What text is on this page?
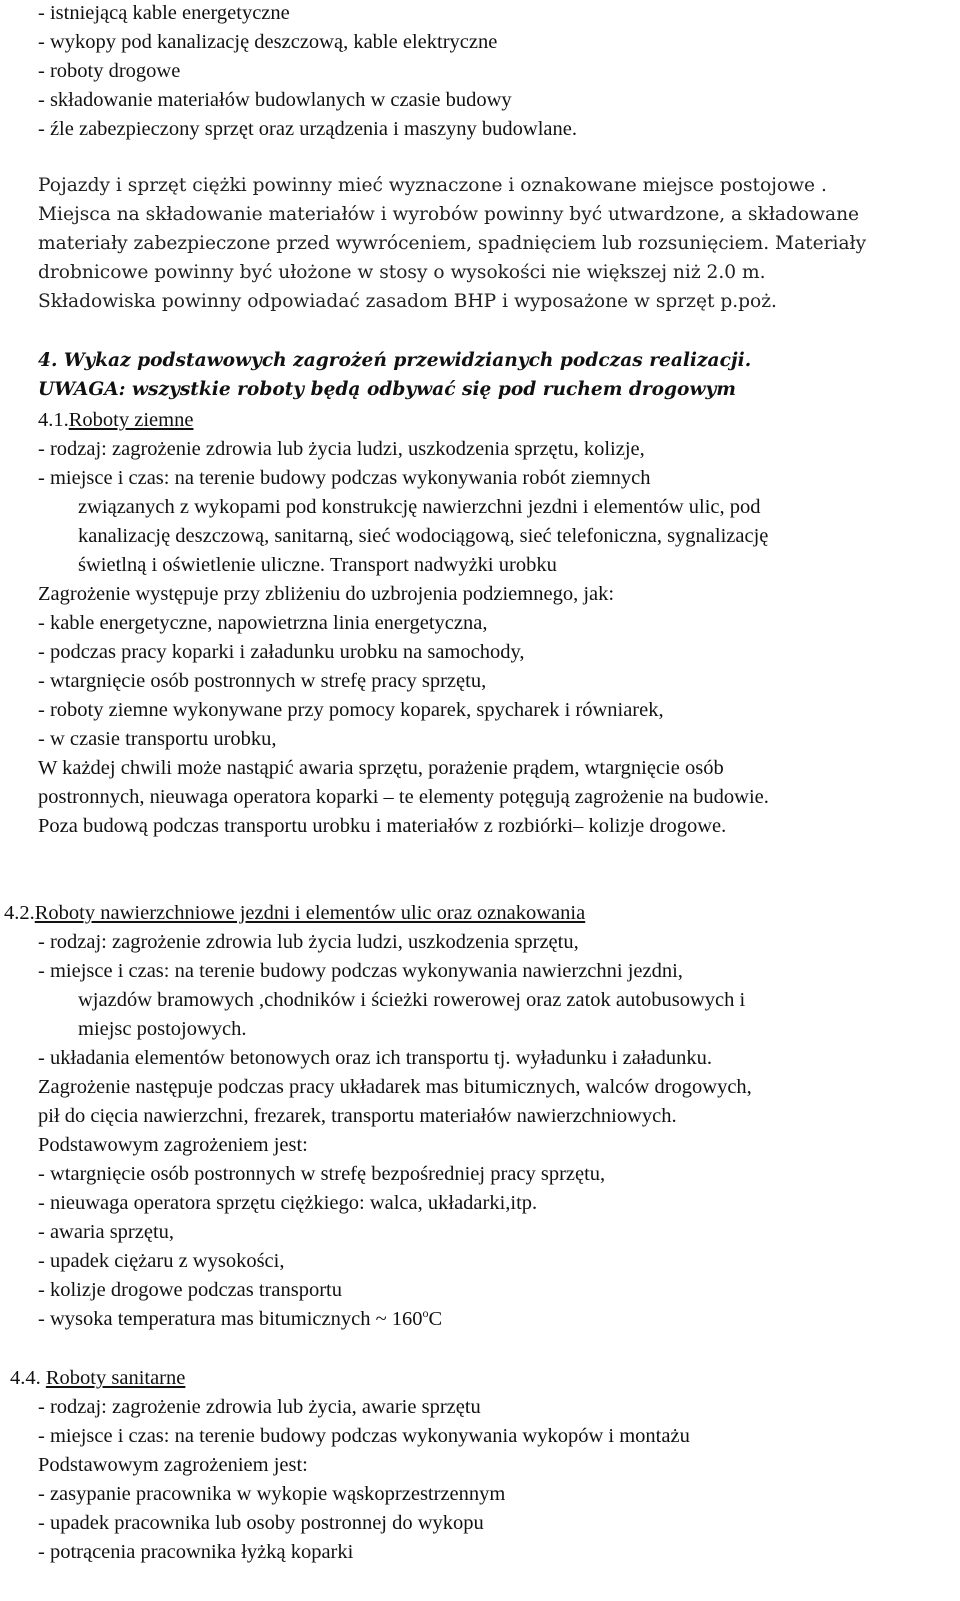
- istniejącą kable energetyczne
- wykopy pod kanalizację deszczową, kable elektryczne
- roboty drogowe
- składowanie materiałów budowlanych w czasie budowy
- źle zabezpieczony sprzęt oraz urządzenia i maszyny budowlane.
Pojazdy i sprzęt ciężki powinny mieć wyznaczone i oznakowane miejsce postojowe .
Miejsca na składowanie materiałów i wyrobów powinny być utwardzone, a składowane
materiały zabezpieczone przed wywróceniem, spadnięciem lub rozsunięciem. Materiały
drobnicowe powinny być ułożone w stosy o wysokości nie większej niż 2.0 m.
Składowiska powinny odpowiadać zasadom BHP i wyposażone w sprzęt p.poż.
4. Wykaz podstawowych zagrożeń przewidzianych podczas realizacji.
UWAGA: wszystkie roboty będą odbywać się pod ruchem drogowym
4.1.Roboty ziemne
- rodzaj: zagrożenie zdrowia lub życia ludzi, uszkodzenia sprzętu, kolizje,
- miejsce i czas: na terenie budowy podczas wykonywania robót ziemnych
związanych z wykopami pod konstrukcję nawierzchni jezdni i elementów ulic, pod
kanalizację deszczową, sanitarną, sieć wodociągową, sieć telefoniczna, sygnalizację
świetlną i oświetlenie uliczne. Transport nadwyżki urobku
Zagrożenie występuje przy zbliżeniu do uzbrojenia podziemnego, jak:
- kable energetyczne, napowietrzna linia energetyczna,
- podczas pracy koparki i załadunku urobku na samochody,
- wtargnięcie osób postronnych w strefę pracy sprzętu,
- roboty ziemne wykonywane przy pomocy koparek, spycharek i równiarek,
- w czasie transportu urobku,
W każdej chwili może nastąpić awaria sprzętu, porażenie prądem, wtargnięcie osób
postronnych, nieuwaga operatora koparki – te elementy potęgują zagrożenie na budowie.
Poza budową podczas transportu urobku i materiałów z rozbiórki– kolizje drogowe.
4.2.Roboty nawierzchniowe jezdni i elementów ulic oraz oznakowania
- rodzaj: zagrożenie zdrowia lub życia ludzi, uszkodzenia sprzętu,
- miejsce i czas: na terenie budowy podczas wykonywania nawierzchni jezdni,
wjazdów bramowych ,chodników i ścieżki rowerowej oraz zatok autobusowych i
miejsc postojowych.
- układania elementów betonowych oraz ich transportu tj. wyładunku i załadunku.
Zagrożenie następuje podczas pracy układarek mas bitumicznych, walców drogowych,
pił do cięcia nawierzchni, frezarek, transportu materiałów nawierzchniowych.
Podstawowym zagrożeniem jest:
- wtargnięcie osób postronnych w strefę bezpośredniej pracy sprzętu,
- nieuwaga operatora sprzętu ciężkiego: walca, układarki,itp.
- awaria sprzętu,
- upadek ciężaru z wysokości,
- kolizje drogowe podczas transportu
- wysoka temperatura mas bitumicznych ~ 160$^o$C
4.4. Roboty sanitarne
- rodzaj: zagrożenie zdrowia lub życia, awarie sprzętu
- miejsce i czas: na terenie budowy podczas wykonywania wykopów i montażu
Podstawowym zagrożeniem jest:
- zasypanie pracownika w wykopie wąskoprzestrzennym
- upadek pracownika lub osoby postronnej do wykopu
- potrącenia pracownika łyżką koparki
